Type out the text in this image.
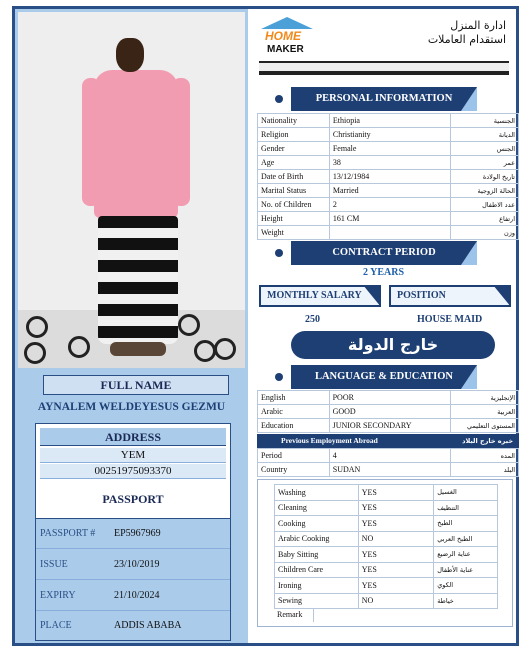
FULL NAME
AYNALEM WELDEYESUS GEZMU
ADDRESS
YEM
00251975093370
PASSPORT
PASSPORT # EP5967969
ISSUE	23/10/2019
EXPIRY	21/10/2024
PLACE	ADDIS ABABA
HOME
MAKER
ادارة المنزل
استقدام العاملات
PERSONAL INFORMATION
Nationality	Ethiopia	الجنسية
Religion	Christianity	الديانة
Gender	Female	الجنس
Age	38	عمر
Date of Birth	13/12/1984	تاريخ الولادة
Marital Status	Married	الحالة الزوجية
No. of Children	2	عدد الاطفال
Height	161 CM	ارتفاع
Weight		وزن
CONTRACT PERIOD
2 YEARS
MONTHLY SALARY	POSITION
250	HOUSE MAID
خارج الدولة
LANGUAGE & EDUCATION
English	POOR	الإنجليزية
Arabic	GOOD	العربية
Education	JUNIOR SECONDARY	المستوى التعليمي
Previous Employment Abroad	خبره خارج البلاد
Period	4	المده
Country	SUDAN	البلد
Washing	YES	الغسيل
Cleaning	YES	التنظيف
Cooking	YES	الطبخ
Arabic Cooking	NO	الطبخ العربي
Baby Sitting	YES	عناية الرضيع
Children Care	YES	عناية الأطفال
Ironing	YES	الكوي
Sewing	NO	خياطة
Remark
